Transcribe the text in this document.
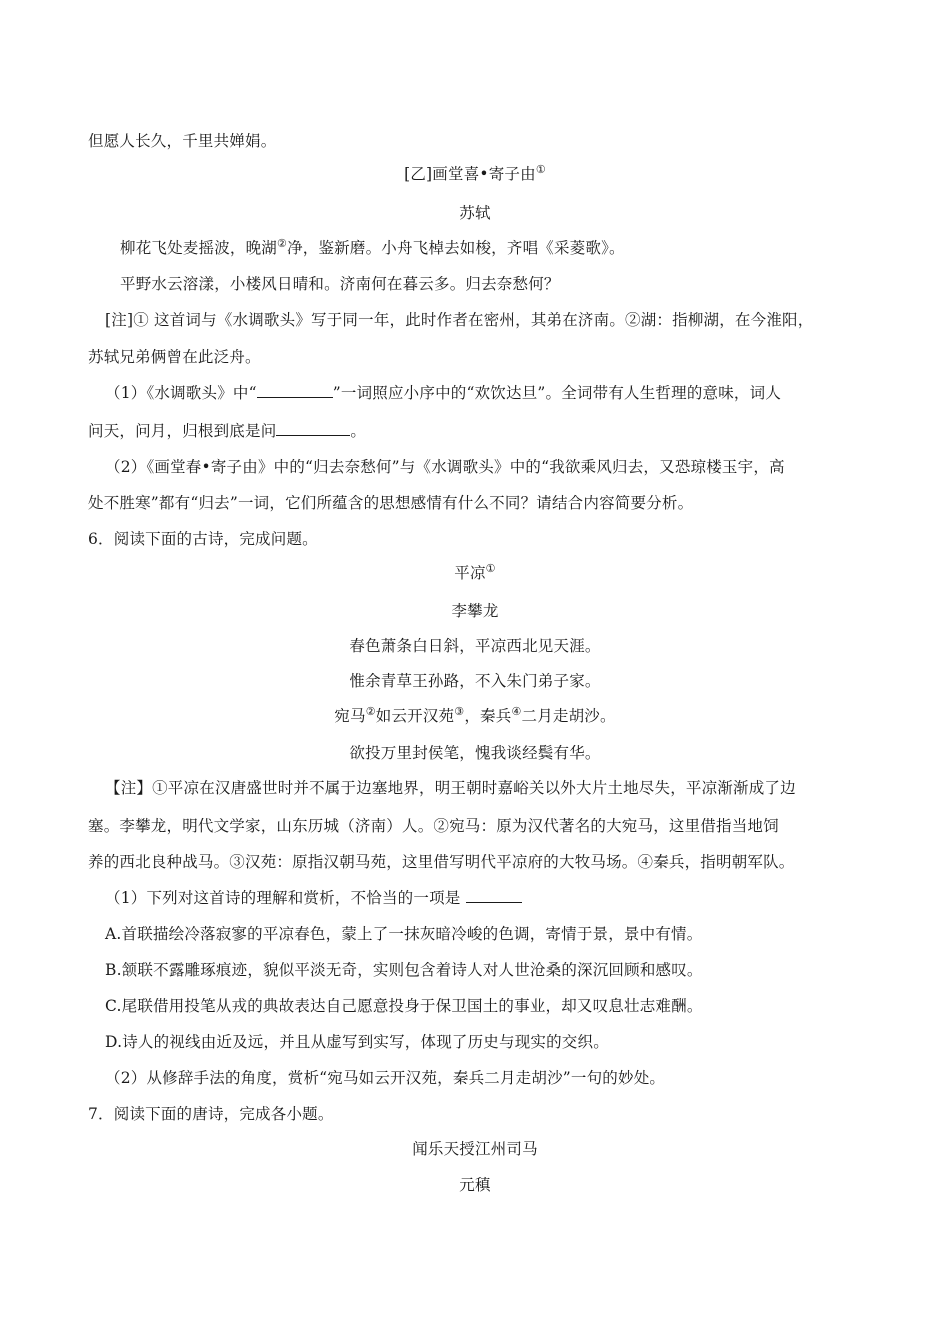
但愿人长久，千里共婵娟。
[乙]画堂喜•寄子由①
苏轼
柳花飞处麦摇波，晚湖②净，鉴新磨。小舟飞棹去如梭，齐唱《采菱歌》。
平野水云溶漾，小楼风日晴和。济南何在暮云多。归去奈愁何？
[注]① 这首词与《水调歌头》写于同一年，此时作者在密州，其弟在济南。②湖：指柳湖，在今淮阳，
苏轼兄弟俩曾在此泛舟。
（1）《水调歌头》中“	”一词照应小序中的“欢饮达旦”。全词带有人生哲理的意味，词人
问天，问月，归根到底是问	。
（2）《画堂春•寄子由》中的“归去奈愁何”与《水调歌头》中的“我欲乘风归去，又恐琼楼玉宇，高
处不胜寒”都有“归去”一词，它们所蕴含的思想感情有什么不同？请结合内容简要分析。
6．阅读下面的古诗，完成问题。
平凉①
李攀龙
春色萧条白日斜，平凉西北见天涯。
惟余青草王孙路，不入朱门弟子家。
宛马②如云开汉苑③，秦兵④二月走胡沙。
欲投万里封侯笔，愧我谈经鬓有华。
【注】①平凉在汉唐盛世时并不属于边塞地界，明王朝时嘉峪关以外大片土地尽失，平凉渐渐成了边
塞。李攀龙，明代文学家，山东历城（济南）人。②宛马：原为汉代著名的大宛马，这里借指当地饲
养的西北良种战马。③汉苑：原指汉朝马苑，这里借写明代平凉府的大牧马场。④秦兵，指明朝军队。
（1）下列对这首诗的理解和赏析，不恰当的一项是
A.首联描绘冷落寂寥的平凉春色，蒙上了一抹灰暗冷峻的色调，寄情于景，景中有情。
B.颔联不露雕琢痕迹，貌似平淡无奇，实则包含着诗人对人世沧桑的深沉回顾和感叹。
C.尾联借用投笔从戎的典故表达自己愿意投身于保卫国土的事业，却又叹息壮志难酬。
D.诗人的视线由近及远，并且从虚写到实写，体现了历史与现实的交织。
（2）从修辞手法的角度，赏析“宛马如云开汉苑，秦兵二月走胡沙”一句的妙处。
7．阅读下面的唐诗，完成各小题。
闻乐天授江州司马
元稹
